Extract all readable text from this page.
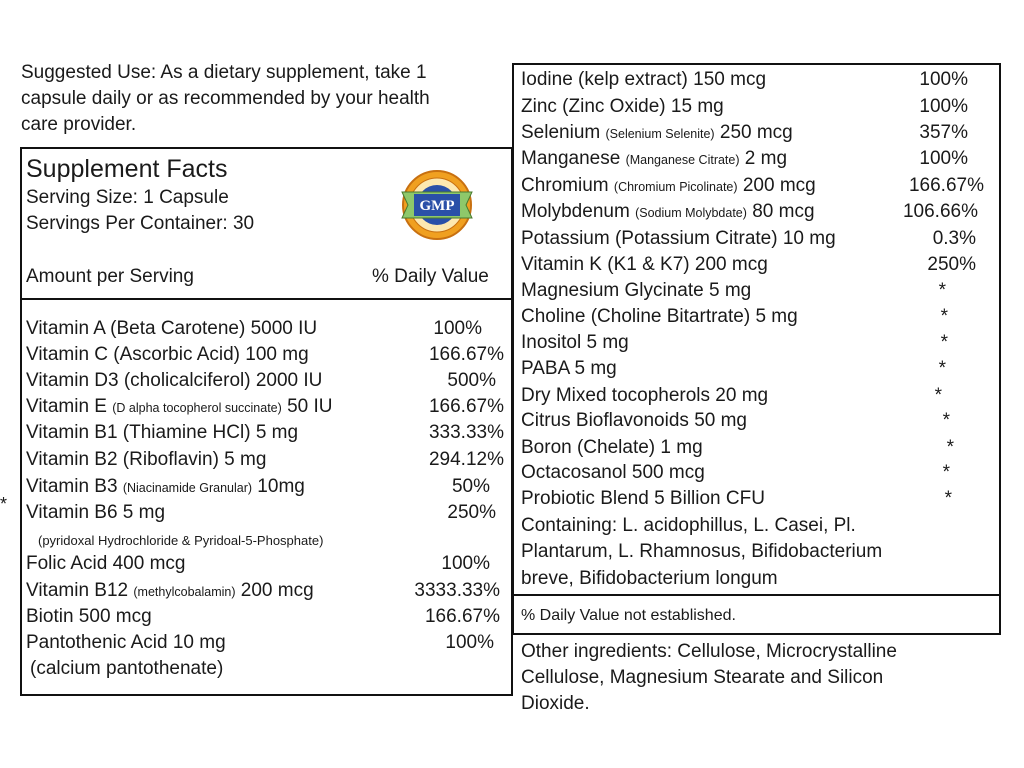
Suggested Use: As a dietary supplement, take 1
capsule daily or as recommended by your health
care provider.
Supplement Facts
Serving Size: 1 Capsule
Servings Per Container: 30
Amount per Serving	% Daily Value
GMP
Vitamin A (Beta Carotene) 5000 IU	100%
Vitamin C (Ascorbic Acid) 100 mg	166.67%
Vitamin D3 (cholicalciferol) 2000 IU	500%
Vitamin E (D alpha tocopherol succinate) 50 IU	166.67%
Vitamin B1 (Thiamine HCl) 5 mg	333.33%
Vitamin B2 (Riboflavin) 5 mg	294.12%
Vitamin B3 (Niacinamide Granular) 10mg	50%
Vitamin B6 5 mg	250%
(pyridoxal Hydrochloride & Pyridoal-5-Phosphate)
Folic Acid 400 mcg	100%
Vitamin B12 (methylcobalamin) 200 mcg	3333.33%
Biotin 500 mcg	166.67%
Pantothenic Acid 10 mg	100%
(calcium pantothenate)
*
Iodine (kelp extract) 150 mcg	100%
Zinc (Zinc Oxide) 15 mg	100%
Selenium (Selenium Selenite) 250 mcg	357%
Manganese (Manganese Citrate) 2 mg	100%
Chromium (Chromium Picolinate) 200 mcg	166.67%
Molybdenum (Sodium Molybdate) 80 mcg	106.66%
Potassium (Potassium Citrate) 10 mg	0.3%
Vitamin K (K1 & K7) 200 mcg	250%
Magnesium Glycinate 5 mg	*
Choline (Choline Bitartrate) 5 mg	*
Inositol 5 mg	*
PABA 5 mg	*
Dry Mixed tocopherols 20 mg	*
Citrus Bioflavonoids 50 mg	*
Boron (Chelate) 1 mg	*
Octacosanol 500 mcg	*
Probiotic Blend 5 Billion CFU	*
Containing: L. acidophillus, L. Casei, Pl.
Plantarum, L. Rhamnosus, Bifidobacterium
breve, Bifidobacterium longum
% Daily Value not established.
Other ingredients: Cellulose, Microcrystalline
Cellulose, Magnesium Stearate and Silicon
Dioxide.
